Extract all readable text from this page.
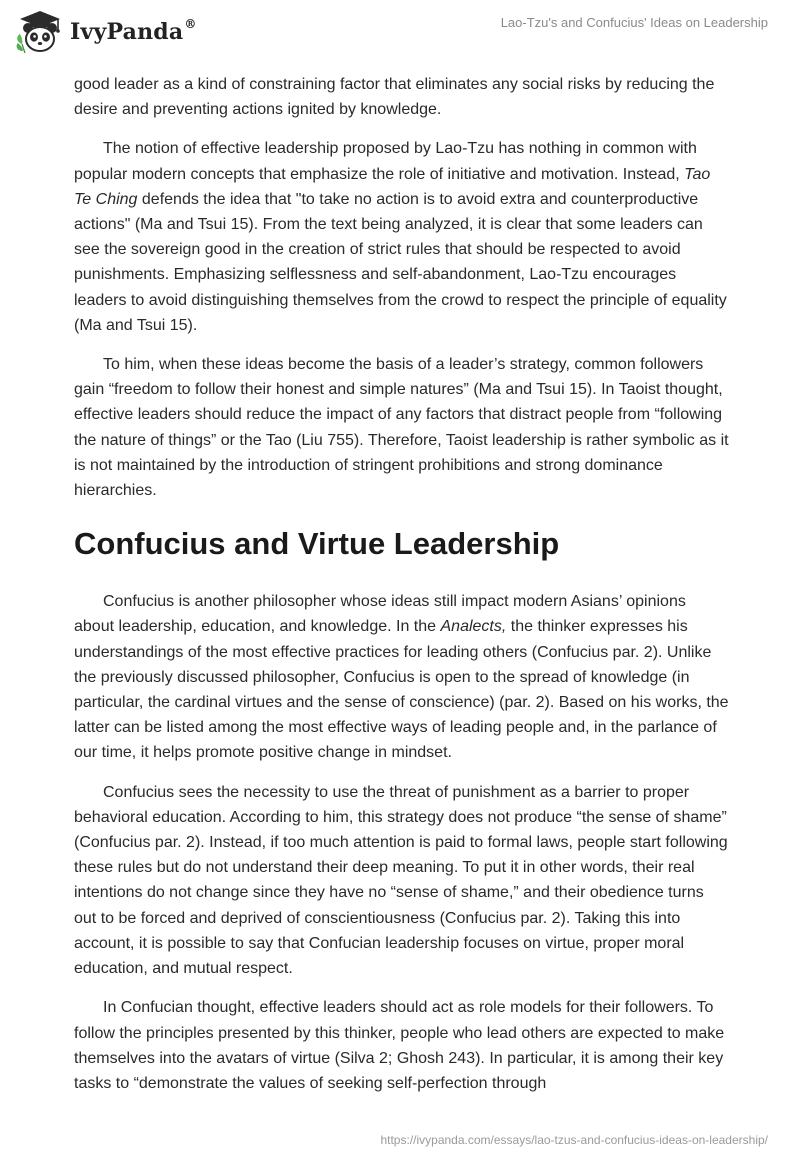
IvyPanda®	Lao-Tzu's and Confucius' Ideas on Leadership

good leader as a kind of constraining factor that eliminates any social risks by reducing the desire and preventing actions ignited by knowledge.

The notion of effective leadership proposed by Lao-Tzu has nothing in common with popular modern concepts that emphasize the role of initiative and motivation. Instead, Tao Te Ching defends the idea that "to take no action is to avoid extra and counterproductive actions" (Ma and Tsui 15). From the text being analyzed, it is clear that some leaders can see the sovereign good in the creation of strict rules that should be respected to avoid punishments. Emphasizing selflessness and self-abandonment, Lao-Tzu encourages leaders to avoid distinguishing themselves from the crowd to respect the principle of equality (Ma and Tsui 15).

To him, when these ideas become the basis of a leader’s strategy, common followers gain “freedom to follow their honest and simple natures” (Ma and Tsui 15). In Taoist thought, effective leaders should reduce the impact of any factors that distract people from “following the nature of things” or the Tao (Liu 755). Therefore, Taoist leadership is rather symbolic as it is not maintained by the introduction of stringent prohibitions and strong dominance hierarchies.

Confucius and Virtue Leadership

Confucius is another philosopher whose ideas still impact modern Asians’ opinions about leadership, education, and knowledge. In the Analects, the thinker expresses his understandings of the most effective practices for leading others (Confucius par. 2). Unlike the previously discussed philosopher, Confucius is open to the spread of knowledge (in particular, the cardinal virtues and the sense of conscience) (par. 2). Based on his works, the latter can be listed among the most effective ways of leading people and, in the parlance of our time, it helps promote positive change in mindset.

Confucius sees the necessity to use the threat of punishment as a barrier to proper behavioral education. According to him, this strategy does not produce “the sense of shame” (Confucius par. 2). Instead, if too much attention is paid to formal laws, people start following these rules but do not understand their deep meaning. To put it in other words, their real intentions do not change since they have no “sense of shame,” and their obedience turns out to be forced and deprived of conscientiousness (Confucius par. 2). Taking this into account, it is possible to say that Confucian leadership focuses on virtue, proper moral education, and mutual respect.

In Confucian thought, effective leaders should act as role models for their followers. To follow the principles presented by this thinker, people who lead others are expected to make themselves into the avatars of virtue (Silva 2; Ghosh 243). In particular, it is among their key tasks to “demonstrate the values of seeking self-perfection through

https://ivypanda.com/essays/lao-tzus-and-confucius-ideas-on-leadership/
